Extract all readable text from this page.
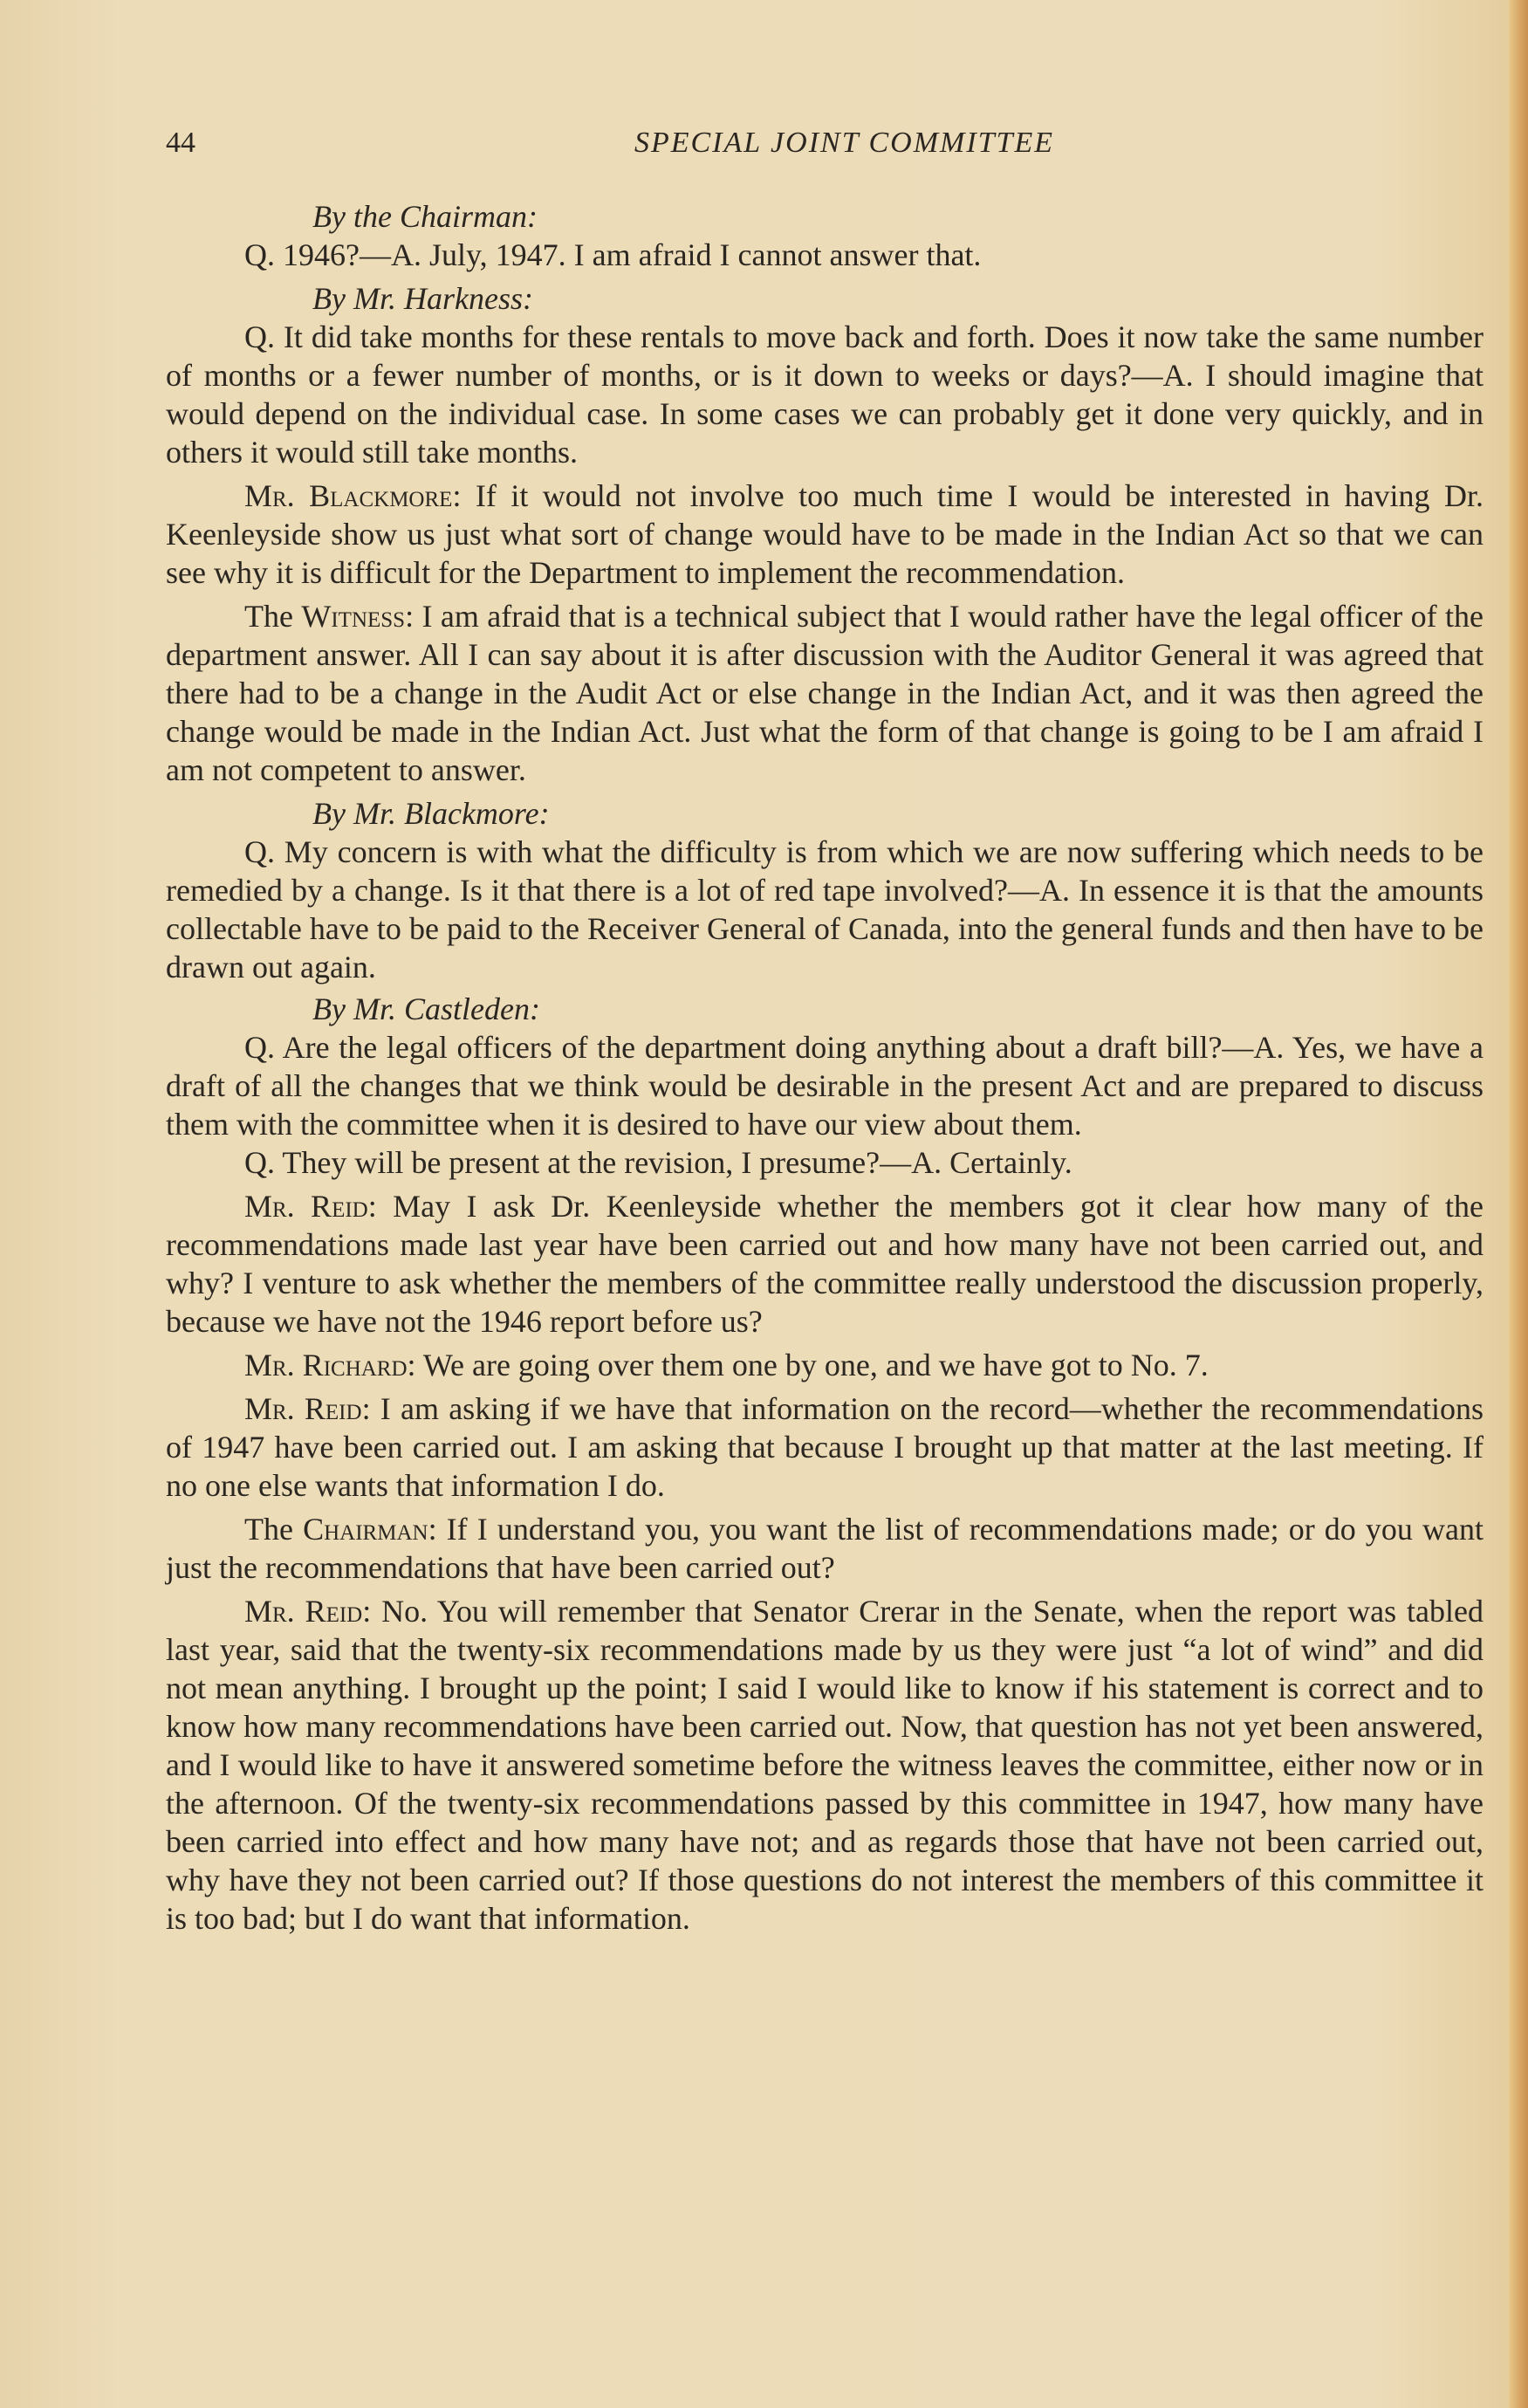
44	SPECIAL JOINT COMMITTEE

By the Chairman:

Q. 1946?—A. July, 1947. I am afraid I cannot answer that.

By Mr. Harkness:

Q. It did take months for these rentals to move back and forth. Does it now take the same number of months or a fewer number of months, or is it down to weeks or days?—A. I should imagine that would depend on the individual case. In some cases we can probably get it done very quickly, and in others it would still take months.

Mr. Blackmore: If it would not involve too much time I would be interested in having Dr. Keenleyside show us just what sort of change would have to be made in the Indian Act so that we can see why it is difficult for the Department to implement the recommendation.

The Witness: I am afraid that is a technical subject that I would rather have the legal officer of the department answer. All I can say about it is after discussion with the Auditor General it was agreed that there had to be a change in the Audit Act or else change in the Indian Act, and it was then agreed the change would be made in the Indian Act. Just what the form of that change is going to be I am afraid I am not competent to answer.

By Mr. Blackmore:

Q. My concern is with what the difficulty is from which we are now suffering which needs to be remedied by a change. Is it that there is a lot of red tape involved?—A. In essence it is that the amounts collectable have to be paid to the Receiver General of Canada, into the general funds and then have to be drawn out again.

By Mr. Castleden:

Q. Are the legal officers of the department doing anything about a draft bill?—A. Yes, we have a draft of all the changes that we think would be desirable in the present Act and are prepared to discuss them with the committee when it is desired to have our view about them.

Q. They will be present at the revision, I presume?—A. Certainly.

Mr. Reid: May I ask Dr. Keenleyside whether the members got it clear how many of the recommendations made last year have been carried out and how many have not been carried out, and why? I venture to ask whether the members of the committee really understood the discussion properly, because we have not the 1946 report before us?

Mr. Richard: We are going over them one by one, and we have got to No. 7.

Mr. Reid: I am asking if we have that information on the record—whether the recommendations of 1947 have been carried out. I am asking that because I brought up that matter at the last meeting. If no one else wants that information I do.

The Chairman: If I understand you, you want the list of recommendations made; or do you want just the recommendations that have been carried out?

Mr. Reid: No. You will remember that Senator Crerar in the Senate, when the report was tabled last year, said that the twenty-six recommendations made by us they were just “a lot of wind” and did not mean anything. I brought up the point; I said I would like to know if his statement is correct and to know how many recommendations have been carried out. Now, that question has not yet been answered, and I would like to have it answered sometime before the witness leaves the committee, either now or in the afternoon. Of the twenty-six recommendations passed by this committee in 1947, how many have been carried into effect and how many have not; and as regards those that have not been carried out, why have they not been carried out? If those questions do not interest the members of this committee it is too bad; but I do want that information.
